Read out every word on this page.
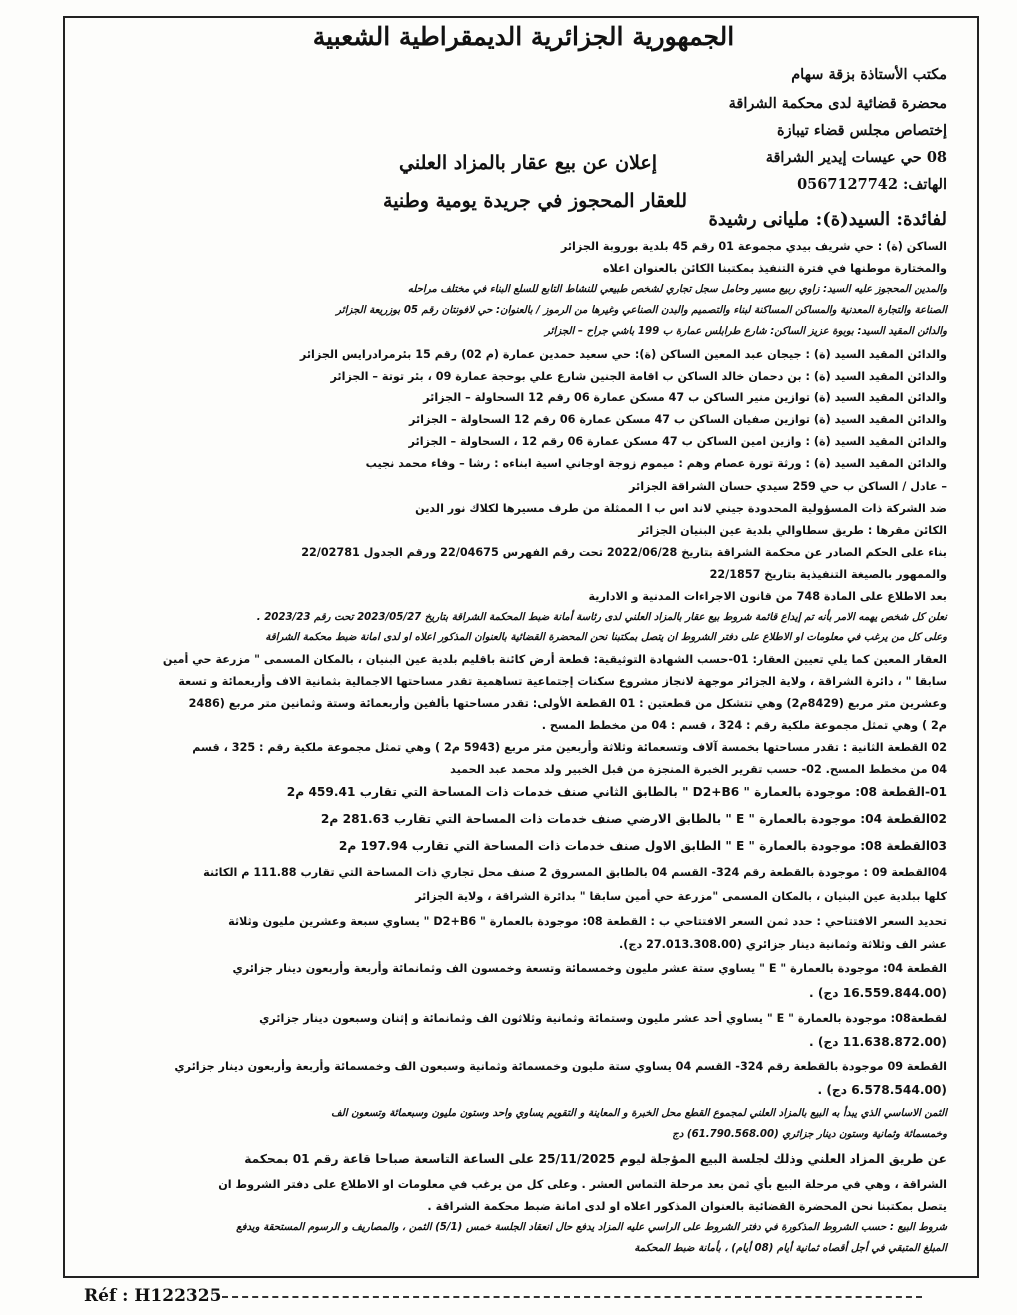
الجمهورية الجزائرية الديمقراطية الشعبية
مكتب الأستاذة بزقة سهام
محضرة قضائية لدى محكمة الشراقة
إختصاص مجلس قضاء تيبازة
08 حي عيسات إيدير الشراقة
الهاتف: 0567127742
إعلان عن بيع عقار بالمزاد العلني
للعقار المحجوز في جريدة يومية وطنية
لفائدة: السيد(ة): مليانى رشيدة
الساكن (ة) : حي شريف بيدي مجموعة 01 رقم 45 بلدية بوروبة الجزائر
والمختارة موطنها في فترة التنفيذ بمكتبنا الكائن بالعنوان اعلاه
والمدين المحجوز عليه السيد: زاوي ربيع مسير وحامل سجل تجاري لشخص طبيعي للنشاط التابع للسلع البناء في مختلف مراحله
الصناعة والتجارة المعدنية والمساكن المساكنة لبناء والتصميم والبدن الصناعي وغيرها من الرموز / بالعنوان: حي لافونتان رقم 05 بوزريعة الجزائر
والدائن المقيد السيد: بوبوة عزيز الساكن: شارع طرابلس عمارة ب 199 باشي جراح – الجزائر
والدائن المقيد السيد (ة) : جيجان عبد المعين الساكن (ة): حي سعيد حمدين عمارة (م 02) رقم 15 بئرمرادرايس الجزائر
والدائن المقيد السيد (ة) : بن دحمان خالد الساكن ب اقامة الجنين شارع علي بوحجة عمارة 09 ، بئر توتة – الجزائر
والدائن المقيد السيد (ة) توازين منير الساكن ب 47 مسكن عمارة 06 رقم 12 السحاولة – الجزائر
والدائن المقيد السيد (ة) توازين صفيان الساكن ب 47 مسكن عمارة 06 رقم 12 السحاولة – الجزائر
والدائن المقيد السيد (ة) : وازين امين الساكن ب 47 مسكن عمارة 06 رقم 12 ، السحاولة – الجزائر
والدائن المقيد السيد (ة) : ورثة تورة عصام وهم : ميموم زوجة اوجاني اسية ابناءه : رشا – وفاء محمد نجيب
– عادل / الساكن ب حي 259 سيدي حسان الشراقة الجزائر
ضد الشركة ذات المسؤولية المحدودة جيني لاند اس ب ا الممثلة من طرف مسيرها لكلاك نور الدين
الكائن مقرها : طريق سطاوالي بلدية عين البنيان الجزائر
بناء على الحكم الصادر عن محكمة الشراقة بتاريخ 2022/06/28 تحت رقم الفهرس 22/04675 ورقم الجدول 22/02781
والممهور بالصيغة التنفيذية بتاريخ 22/1857
بعد الاطلاع على المادة 748 من قانون الاجراءات المدنية و الادارية
نعلن كل شخص يهمه الامر بأنه تم إيداع قائمة شروط بيع عقار بالمزاد العلني لدى رئاسة أمانة ضبط المحكمة الشراقة بتاريخ 2023/05/27 تحت رقم 2023/23 .
وعلى كل من يرغب في معلومات او الاطلاع على دفتر الشروط ان يتصل بمكتبنا نحن المحضرة القضائية بالعنوان المذكور اعلاه او لدى امانة ضبط محكمة الشراقة
العقار المعين كما يلي تعيين العقار: 01-حسب الشهادة التوثيقية: قطعة أرض كائنة باقليم بلدية عين البنيان ، بالمكان المسمى " مزرعة حي أمين
سابقا " ، دائرة الشراقة ، ولاية الجزائر موجهة لانجاز مشروع سكنات إجتماعية تساهمية تقدر مساحتها الاجمالية بثمانية الاف وأربعمائة و تسعة
وعشرين متر مربع (8429م2) وهي تتشكل من قطعتين : 01 القطعة الأولى: تقدر مساحتها بألفين وأربعمائة وستة وثمانين متر مربع (2486
م2 ) وهي تمثل مجموعة ملكية رقم : 324 ، قسم : 04 من مخطط المسح .
02 القطعة الثانية : تقدر مساحتها بخمسة آلاف وتسعمائة وثلاثة وأربعين متر مربع (5943 م2 ) وهي تمثل مجموعة ملكية رقم : 325 ، قسم
04 من مخطط المسح. 02- حسب تقرير الخبرة المنجزة من قبل الخبير ولد محمد عبد الحميد
01-القطعة 08: موجودة بالعمارة " D2+B6 " بالطابق الثاني صنف خدمات ذات المساحة التي تقارب 459.41 م2
02القطعة 04: موجودة بالعمارة " E " بالطابق الارضي صنف خدمات ذات المساحة التي تقارب 281.63 م2
03القطعة 08: موجودة بالعمارة " E " الطابق الاول صنف خدمات ذات المساحة التي تقارب 197.94 م2
04القطعة 09 : موجودة بالقطعة رقم 324- القسم 04 بالطابق المسروق 2 صنف محل تجاري ذات المساحة التي تقارب 111.88 م الكائنة
كلها ببلدية عين البنيان ، بالمكان المسمى "مزرعة حي أمين سابقا " بدائرة الشراقة ، ولاية الجزائر
تحديد السعر الافتتاحي : حدد ثمن السعر الافتتاحي ب : القطعة 08: موجودة بالعمارة " D2+B6 " يساوي سبعة وعشرين مليون وثلاثة
عشر الف وثلاثة وثمانية دينار جزائري (27.013.308.00 دج).
القطعة 04: موجودة بالعمارة " E " يساوي ستة عشر مليون وخمسمائة وتسعة وخمسون الف وثمانمائة وأربعة وأربعون دينار جزائري
(16.559.844.00 دج) .
لقطعة08: موجودة بالعمارة " E " يساوي أحد عشر مليون وستمائة وثمانية وثلاثون الف وثمانمائة و إثنان وسبعون دينار جزائري
(11.638.872.00 دج) .
القطعة 09 موجودة بالقطعة رقم 324- القسم 04 يساوي ستة مليون وخمسمائة وثمانية وسبعون الف وخمسمائة وأربعة وأربعون دينار جزائري
(6.578.544.00 دج) .
الثمن الاساسي الذي يبدأ به البيع بالمزاد العلني لمجموع القطع محل الخبرة و المعاينة و التقويم يساوي واحد وستون مليون وسبعمائة وتسعون الف
وخمسمائة وثمانية وستون دينار جزائري (61.790.568.00) دج
عن طريق المزاد العلني وذلك لجلسة البيع المؤجلة ليوم 25/11/2025 على الساعة التاسعة صباحا قاعة رقم 01 بمحكمة
الشراقة ، وهي في مرحلة البيع بأي ثمن بعد مرحلة التماس العشر . وعلى كل من يرغب في معلومات او الاطلاع على دفتر الشروط ان
يتصل بمكتبنا نحن المحضرة القضائية بالعنوان المذكور اعلاه او لدى امانة ضبط محكمة الشراقة .
شروط البيع : حسب الشروط المذكورة في دفتر الشروط على الراسي عليه المزاد يدفع حال انعقاد الجلسة خمس (5/1) الثمن ، والمصاريف و الرسوم المستحقة ويدفع
المبلغ المتبقي في أجل أقصاه ثمانية أيام (08 أيام) ، بأمانة ضبط المحكمة
Réf : H122325
